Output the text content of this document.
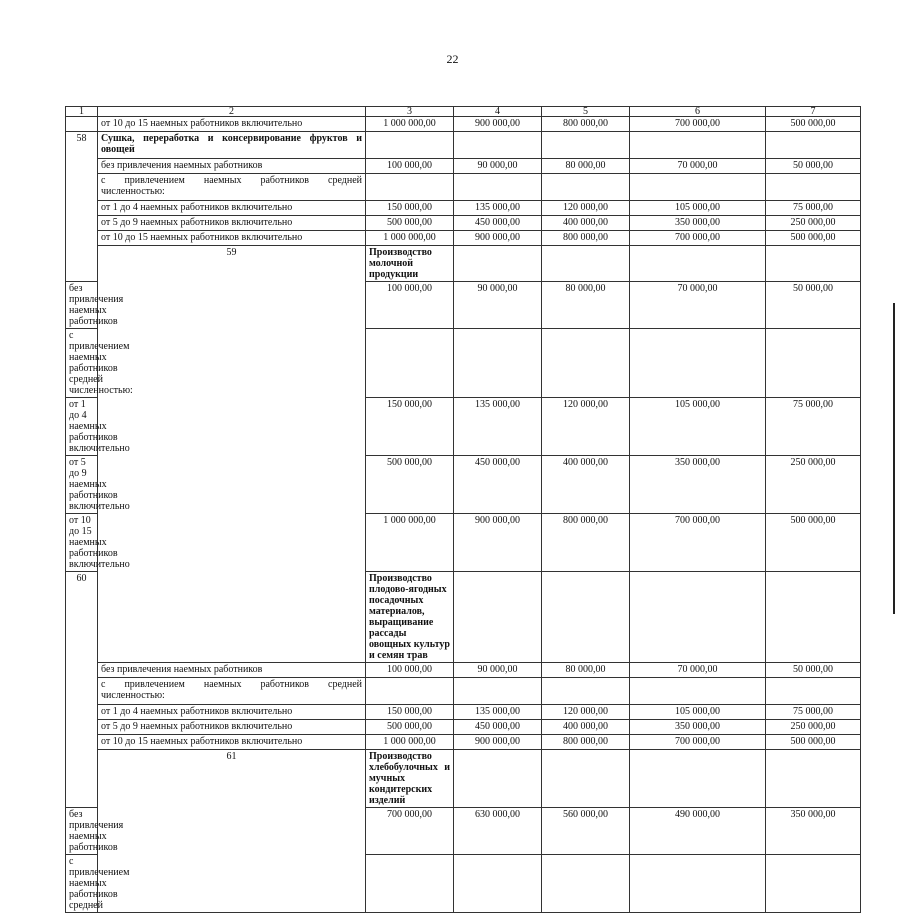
22
1	2	3	4	5	6	7	
	от 10 до 15 наемных работников включительно	1 000 000,00	900 000,00	800 000,00	700 000,00	500 000,00	
58	Сушка, переработка и консервирование фруктов и овощей						
	без привлечения наемных работников	100 000,00	90 000,00	80 000,00	70 000,00	50 000,00	
	с привлечением наемных работников средней численностью:						
	от 1 до 4 наемных работников включительно	150 000,00	135 000,00	120 000,00	105 000,00	75 000,00	
	от 5 до 9 наемных работников включительно	500 000,00	450 000,00	400 000,00	350 000,00	250 000,00	
	от 10 до 15 наемных работников включительно	1 000 000,00	900 000,00	800 000,00	700 000,00	500 000,00	
	59	Производство молочной продукции					
без привлечения наемных работников		100 000,00	90 000,00	80 000,00	70 000,00	50 000,00	
с привлечением наемных работников средней численностью:							
от 1 до 4 наемных работников включительно		150 000,00	135 000,00	120 000,00	105 000,00	75 000,00	
от 5 до 9 наемных работников включительно		500 000,00	450 000,00	400 000,00	350 000,00	250 000,00	
от 10 до 15 наемных работников включительно		1 000 000,00	900 000,00	800 000,00	700 000,00	500 000,00	
60		Производство плодово-ягодных посадочных материалов, выращивание рассады овощных культур и семян трав					
	без привлечения наемных работников	100 000,00	90 000,00	80 000,00	70 000,00	50 000,00	
	с привлечением наемных работников средней численностью:						
	от 1 до 4 наемных работников включительно	150 000,00	135 000,00	120 000,00	105 000,00	75 000,00	
	от 5 до 9 наемных работников включительно	500 000,00	450 000,00	400 000,00	350 000,00	250 000,00	
	от 10 до 15 наемных работников включительно	1 000 000,00	900 000,00	800 000,00	700 000,00	500 000,00	
	61	Производство хлебобулочных и мучных кондитерских изделий					
без привлечения наемных работников		700 000,00	630 000,00	560 000,00	490 000,00	350 000,00	
с привлечением наемных работников средней							
